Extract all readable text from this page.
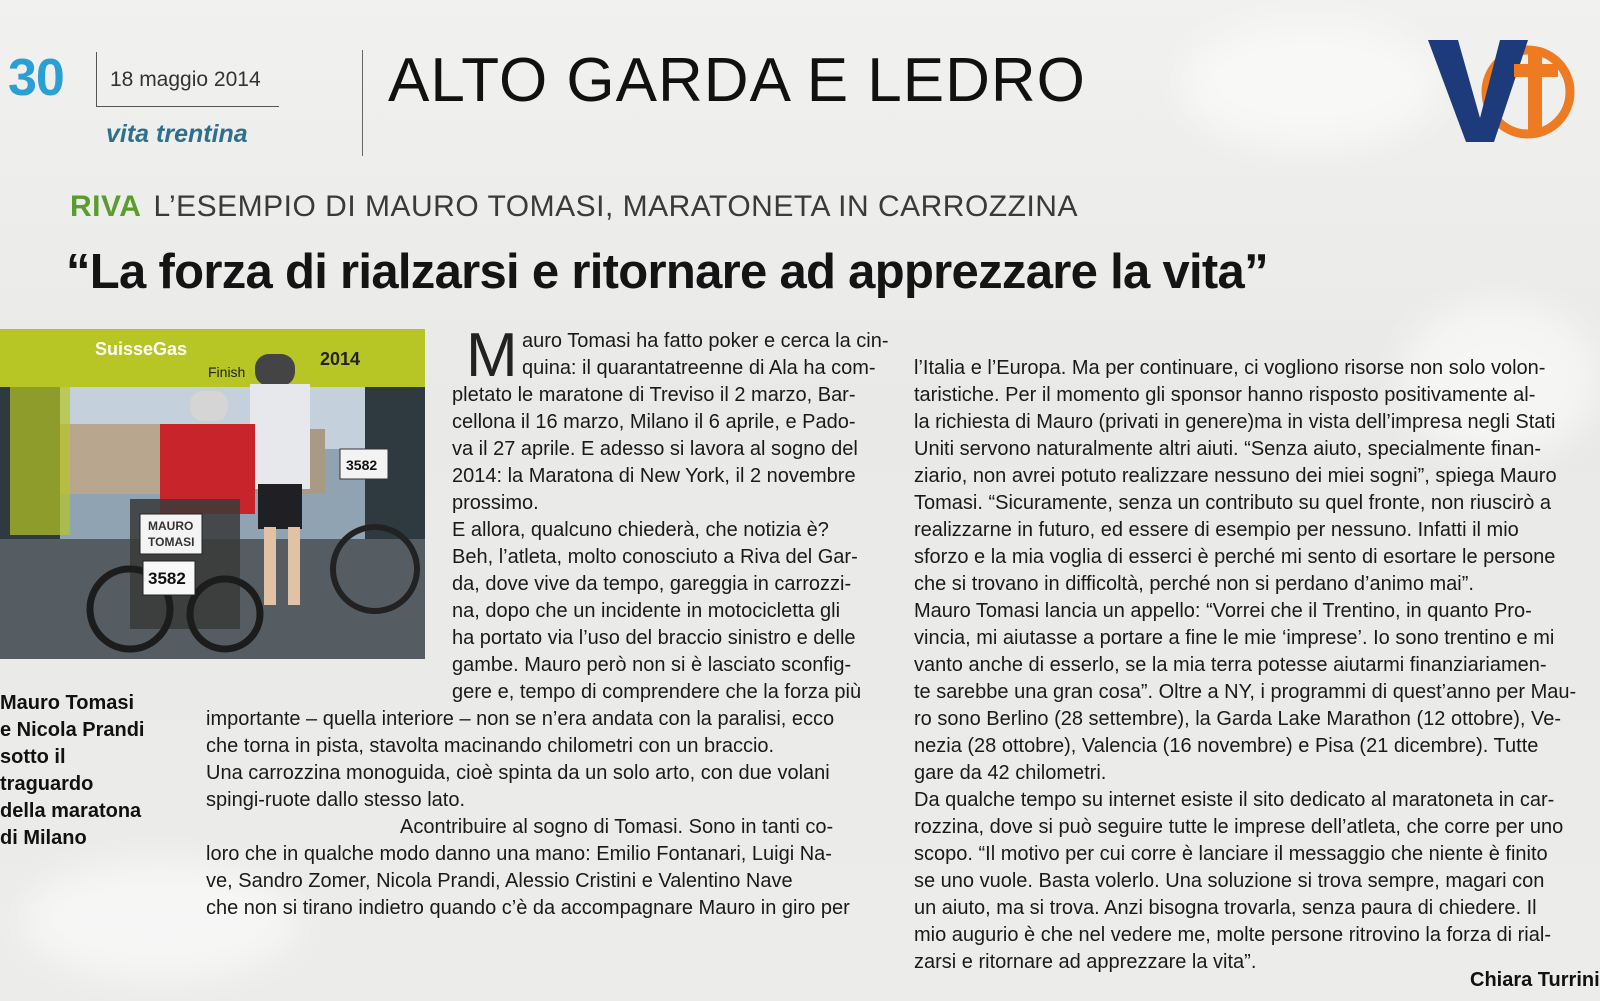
30 18 maggio 2014
vita trentina
ALTO GARDA E LEDRO
Vt
RIVA L’ESEMPIO DI MAURO TOMASI, MARATONETA IN CARROZZINA
“La forza di rialzarsi e ritornare ad apprezzare la vita”
SuisseGas	2014
Finish
3582
MAURO
TOMASI
3582
Mauro Tomasi
e Nicola Prandi
sotto il
traguardo
della maratona
di Milano
M auro Tomasi ha fatto poker e cerca la cin-
quina: il quarantatreenne di Ala ha com-
pletato le maratone di Treviso il 2 marzo, Bar-
cellona il 16 marzo, Milano il 6 aprile, e Pado-
va il 27 aprile. E adesso si lavora al sogno del
2014: la Maratona di New York, il 2 novembre
prossimo.
E allora, qualcuno chiederà, che notizia è?
Beh, l’atleta, molto conosciuto a Riva del Gar-
da, dove vive da tempo, gareggia in carrozzi-
na, dopo che un incidente in motocicletta gli
ha portato via l’uso del braccio sinistro e delle
gambe. Mauro però non si è lasciato sconfig-
gere e, tempo di comprendere che la forza più
importante – quella interiore – non se n’era andata con la paralisi, ecco
che torna in pista, stavolta macinando chilometri con un braccio.
Una carrozzina monoguida, cioè spinta da un solo arto, con due volani
spingi-ruote dallo stesso lato.
Acontribuire al sogno di Tomasi. Sono in tanti co-
loro che in qualche modo danno una mano: Emilio Fontanari, Luigi Na-
ve, Sandro Zomer, Nicola Prandi, Alessio Cristini e Valentino Nave
che non si tirano indietro quando c’è da accompagnare Mauro in giro per
l’Italia e l’Europa. Ma per continuare, ci vogliono risorse non solo volon-
taristiche. Per il momento gli sponsor hanno risposto positivamente al-
la richiesta di Mauro (privati in genere)ma in vista dell’impresa negli Stati
Uniti servono naturalmente altri aiuti. “Senza aiuto, specialmente finan-
ziario, non avrei potuto realizzare nessuno dei miei sogni”, spiega Mauro
Tomasi. “Sicuramente, senza un contributo su quel fronte, non riuscirò a
realizzarne in futuro, ed essere di esempio per nessuno. Infatti il mio
sforzo e la mia voglia di esserci è perché mi sento di esortare le persone
che si trovano in difficoltà, perché non si perdano d’animo mai”.
Mauro Tomasi lancia un appello: “Vorrei che il Trentino, in quanto Pro-
vincia, mi aiutasse a portare a fine le mie ‘imprese’. Io sono trentino e mi
vanto anche di esserlo, se la mia terra potesse aiutarmi finanziariamen-
te sarebbe una gran cosa”. Oltre a NY, i programmi di quest’anno per Mau-
ro sono Berlino (28 settembre), la Garda Lake Marathon (12 ottobre), Ve-
nezia (28 ottobre), Valencia (16 novembre) e Pisa (21 dicembre). Tutte
gare da 42 chilometri.
Da qualche tempo su internet esiste il sito dedicato al maratoneta in car-
rozzina, dove si può seguire tutte le imprese dell’atleta, che corre per uno
scopo. “Il motivo per cui corre è lanciare il messaggio che niente è finito
se uno vuole. Basta volerlo. Una soluzione si trova sempre, magari con
un aiuto, ma si trova. Anzi bisogna trovarla, senza paura di chiedere. Il
mio augurio è che nel vedere me, molte persone ritrovino la forza di rial-
zarsi e ritornare ad apprezzare la vita”.
Chiara Turrini
